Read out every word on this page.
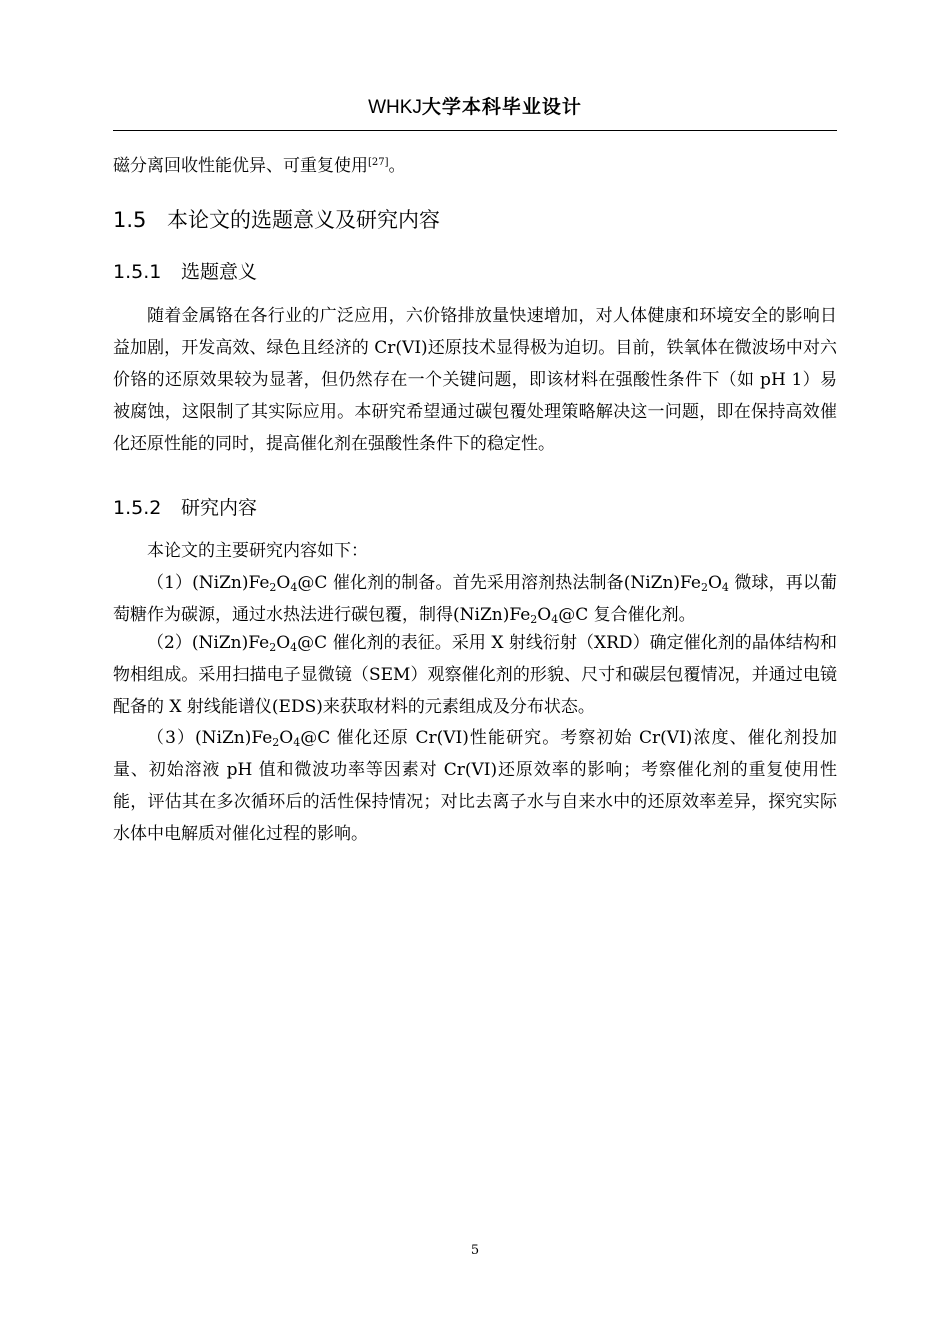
WHKJ大学本科毕业设计

磁分离回收性能优异、可重复使用[27]。

1.5 本论文的选题意义及研究内容
1.5.1 选题意义

随着金属铬在各行业的广泛应用，六价铬排放量快速增加，对人体健康和环境安全的影响日益加剧，开发高效、绿色且经济的 Cr(VI)还原技术显得极为迫切。目前，铁氧体在微波场中对六价铬的还原效果较为显著，但仍然存在一个关键问题，即该材料在强酸性条件下（如 pH 1）易被腐蚀，这限制了其实际应用。本研究希望通过碳包覆处理策略解决这一问题，即在保持高效催化还原性能的同时，提高催化剂在强酸性条件下的稳定性。

1.5.2 研究内容

本论文的主要研究内容如下：

$(1)(NiZn)Fe_2O_4@C$ 催化剂的制备。首先采用溶剂热法制备$(NiZn)Fe_2O_4$ 微球，再以葡萄糖作为碳源，通过水热法进行碳包覆，制得$(NiZn)Fe_2O_4@C$ 复合催化剂。

$(2)(NiZn)Fe_2O_4@C$ 催化剂的表征。采用 X 射线衍射（XRD）确定催化剂的晶体结构和物相组成。采用扫描电子显微镜（SEM）观察催化剂的形貌、尺寸和碳层包覆情况，并通过电镜配备的 X 射线能谱仪(EDS)来获取材料的元素组成及分布状态。

$(3)(NiZn)Fe_2O_4@C$ 催化还原 Cr(VI)性能研究。考察初始 Cr(VI)浓度、催化剂投加量、初始溶液 pH 值和微波功率等因素对 Cr(VI)还原效率的影响；考察催化剂的重复使用性能，评估其在多次循环后的活性保持情况；对比去离子水与自来水中的还原效率差异，探究实际水体中电解质对催化过程的影响。

5
